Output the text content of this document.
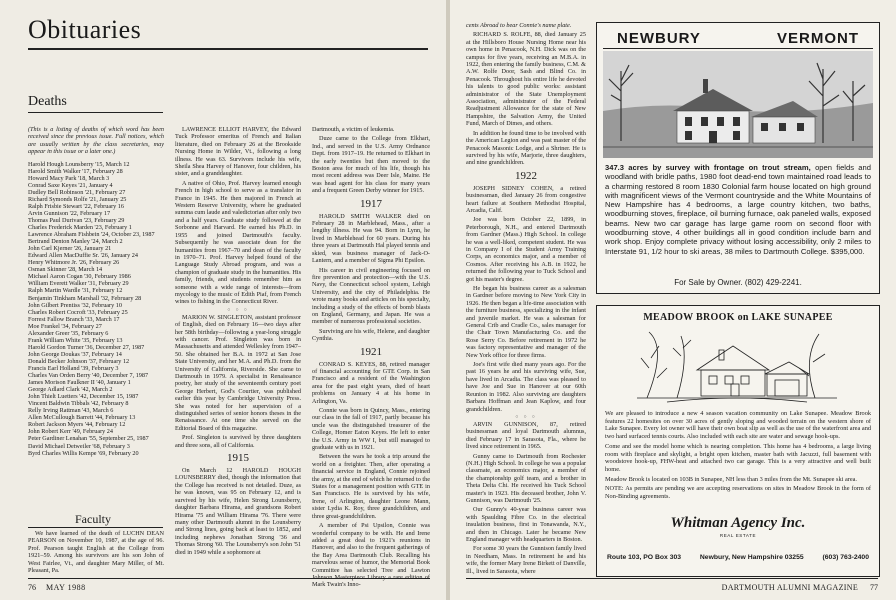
Obituaries
Deaths
(This is a listing of deaths of which word has been received since the previous issue. Full notices, which are usually written by the class secretaries, may appear in this issue or a later one.)
Harold Hough Lounsberry '15, March 12
Harold Smith Walker '17, February 28
Howard Macy Park '18, March 3
Conrad Saxe Keyes '21, January 4
Dudley Bell Robinson '21, February 27
Richard Symonds Rolfe '21, January 25
Ralph Frisbie Stewart '22, February 16
Arvin Gunnison '22, February 17
Thomas Paul Durivan '23, February 29
Charles Frederick Marden '23, February 1
Lawrence Abraham Fishbein '24, October 23, 1987
Bertrand Denton Manley '24, March 2
John Carl Kjerner '26, January 21
Edward Allen MacDuffie Sr. '26, January 24
Henry Whitmore Jr. '26, February 26
Osman Skinner '28, March 14
Michael Aaron Cogan '30, February 1986
William Everett Walker '31, February 29
Ralph Martin Wardle '31, February 12
Benjamin Tinkham Marshall '32, February 28
John Gilbert Prentiss '32, February 10
Charles Robert Cocroft '33, February 25
Forrest Fallow Branch '33, March 17
Moe Frankel '34, February 27
Alexander Greer '35, February 6
Frank William White '35, February 13
Harold Gordon Turner '36, December 27, 1987
John George Doukas '37, February 14
Donald Becker Johnson '37, February 12
Francis Earl Holland '39, February 3
Charles Van Orden Berry '40, December 7, 1987
James Morison Faulkner II '40, January 1
George Adlard Clark '42, March 2
John Thielt Luetters '42, December 15, 1987
Vincent Baldwin Tibbals '42, February 8
Relly Irving Rattman '43, March 6
Allen McCullough Barrett '44, February 13
Robert Jackson Myers '44, February 12
John Robert Kerr '49, February 24
Peter Gardiner Lenahan '55, September 25, 1987
David Michael Detweiler '68, February 3
Byrd Charles Willis Kempe '69, February 20
Faculty

We have learned of the death of LUCHN DEAN PEARSON on November 10, 1987, at the age of 96. Prof. Pearson taught English at the College from 1921–59. Among his survivors are his son John of West Fairlee, Vt., and daughter Mary Miller, of Mt. Pleasant, Pa.

LAWRENCE ELLIOT HARVEY, the Edward Tuck Professor emeritus of French and Italian literature, died on February 26 at the Brookside Nursing Home in Wilder, Vt., following a long illness. He was 63. Survivors include his wife, Sheila Shea Harvey of Hanover, four children, his sister, and a granddaughter.

A native of Ohio, Prof. Harvey learned enough French in high school to serve as a translator in France in 1945. He then majored in French at Western Reserve University, where he graduated summa cum laude and valedictorian after only two and a half years. Graduate study followed at the Sorbonne and Harvard. He earned his Ph.D. in 1955 and joined Dartmouth's faculty. Subsequently he was associate dean for the humanities from 1967–70 and dean of the faculty in 1970–71. Prof. Harvey helped found of the Language Study Abroad program, and was a champion of graduate study in the humanities. His family, friends, and students remember him as someone with a wide range of interests—from mycology to the music of Edith Piaf, from French wines to fishing in the Connecticut River.

○ ○ ○

MARION W. SINGLETON, assistant professor of English, died on February 16—two days after her 58th birthday—following a year-long struggle with cancer. Prof. Singleton was born in Massachusetts and attended Wellesley from 1947–50. She obtained her B.A. in 1972 at San Jose State University, and her M.A. and Ph.D. from the University of California, Riverside. She came to Dartmouth in 1979. A specialist in Renaissance poetry, her study of the seventeenth century poet George Herbert, God's Courtier, was published earlier this year by Cambridge University Press. She was noted for her supervision of a distinguished series of senior honors theses in the Renaissance. At one time she served on the Editorial Board of this magazine.

Prof. Singleton is survived by three daughters and three sons, all of California.

1915

On March 12 HAROLD HOUGH LOUNSBERRY died, though the information that the College has received is not detailed. Duze, as he was known, was 95 on February 12, and is survived by his wife, Helen Strong Lounsberry, daughter Barbara Hirama, and grandsons Robert Hirama '75 and William Hirama '76. There were many other Dartmouth alumni in the Lounsberry and Strong lines, going back at least to 1852, and including nephews Jonathan Strong '36 and Thomas Strong '60. The Lounsberry's son John '51 died in 1949 while a sophomore at

Dartmouth, a victim of leukemia.

Duze came to the College from Elkhart, Ind., and served in the U.S. Army Ordnance Dept. from 1917–19. He returned to Elkhart in the early twenties but then moved to the Boston area for much of his life, though his most recent address was Deer Isle, Maine. He was head agent for his class for many years and a frequent Green Derby winner for 1915.

1917

HAROLD SMITH WALKER died on February 28 in Marblehead, Mass., after a lengthy illness. He was 94. Born in Lynn, he lived in Marblehead for 60 years. During his three years at Dartmouth Hal played tennis and skied, was business manager of Jack-O-Lantern, and a member of Sigma Phi Epsilon.

His career in civil engineering focused on fire prevention and protection—with the U.S. Navy, the Connecticut school system, Lehigh University, and the city of Philadelphia. He wrote many books and articles on his specialty, including a study of the effects of bomb blasts on England, Germany, and Japan. He was a member of numerous professional societies.

Surviving are his wife, Helene, and daughter Cynthia.

1921

CONRAD S. KEYES, 88, retired manager of financial accounting for GTE Corp. in San Francisco and a resident of the Washington area for the past eight years, died of heart problems on January 4 at his home in Arlington, Va.

Connie was born in Quincy, Mass., entering our class in the fall of 1917, partly because his uncle was the distinguished treasurer of the College, Homer Eaton Keyes. He left to enter the U.S. Army in WW I, but still managed to graduate with us in 1921.

Between the wars he took a trip around the world on a freighter. Then, after operating a financial service in England, Connie rejoined the army, at the end of which he returned to the States for a management position with GTE in San Francisco. He is survived by his wife, Irene, of Arlington, daughter Leone Mann, sister Lydia K. Roy, three grandchildren, and three great-grandchildren.

A member of Psi Upsilon, Connie was wonderful company to be with. He and Irene added a great deal to 1921's reunions in Hanover, and also to the frequent gatherings of the Bay Area Dartmouth Club. Recalling his marvelous sense of humor, the Memorial Book Committee has selected Tree and Lawton Mark Twain's Inno-

76 MAY 1988

cents Abroad to bear Connie's name plate.

RICHARD S. ROLFE, 88, died January 25 at the Hillsboro House Nursing Home near his own home in Penacook, N.H. Dick was on the campus for five years, receiving an M.B.A. in 1922, then entering the family business, C.M. & A.W. Rolfe Door, Sash and Blind Co. in Penacook. Throughout his entire life he devoted his talents to good public works: assistant administrator of the State Unemployment Association, administrator of the Federal Readjustment Allowance for the state of New Hampshire, the Salvation Army, the United Fund, March of Dimes, and others.

In addition he found time to be involved with the American Legion and was past master of the Penacook Masonic Lodge, and a Shriner. He is survived by his wife, Marjorie, three daughters, and nine grandchildren.

1922

JOSEPH SIDNEY COHEN, a retired businessman, died January 26 from congestive heart failure at Southern Methodist Hospital, Arcadia, Calif.

Joe was born October 22, 1899, in Peterborough, N.H., and entered Dartmouth from Gardner (Mass.) High School. In college he was a well-liked, competent student. He was in Company I of the Student Army Training Corps, an economics major, and a member of Cosmos. After receiving his A.B. in 1922, he returned the following year to Tuck School and got his master's degree.

He began his business career as a salesman in Gardner before moving to New York City in 1926. He then began a life-time association with the furniture business, specializing in the infant and juvenile market. He was a salesman for General Crib and Cradle Co., sales manager for the Chair Town Manufacturing Co. and the Rose Serry Co. Before retirement in 1972 he was factory representative and manager of the New York office for three firms.

Joe's first wife died many years ago. For the past 16 years he and his surviving wife, Sue, have lived in Arcadia. The class was pleased to have Joe and Sue in Hanover at our 60th Reunion in 1982. Also surviving are daughters Barbara Hoffman and Jean Kaplow, and four grandchildren.

○ ○ ○

ARVIN GUNNISON, 87, retired businessman and loyal Dartmouth alumnus, died February 17 in Sarasota, Fla., where he lived since retirement in 1965.

Gunny came to Dartmouth from Rochester (N.H.) High School. In college he was a popular classmate, an economics major, a member of the championship golf team, and a brother in Theta Delta Chi. He received his Tuck School master's in 1923. His deceased brother, John V. Gunnison, was Dartmouth '25.

Our Gunny's 40-year business career was with Spaulding Fibre Co. in the electrical insulation business, first in Tonawanda, N.Y., and then in Chicago. Later he became New England manager with headquarters in Boston.

For some 30 years the Gunnison family lived in Needham, Mass. In retirement he and his wife, the former Mary Irene Birkett of Danville, Ill., lived in Sarasota, where

NEWBURY	VERMONT
347.3 acres by survey with frontage on trout stream, open fields and woodland with bridle paths, 1980 foot dead-end town maintained road leads to a charming restored 8 room 1830 Colonial farm house located on high ground with magnificent views of the Vermont countryside and the White Mountains of New Hampshire has 4 bedrooms, a large country kitchen, two baths, woodburning stoves, fireplace, oil burning furnace, oak paneled walls, exposed beams. New two car garage has large game room on second floor with woodburning stove, 4 other buildings all in good condition include barn and work shop. Enjoy complete privacy without losing accessibility, only 2 miles to Interstate 91, 1/2 hour to ski areas, 38 miles to Dartmouth College. $395,000.
For Sale by Owner. (802) 429-2241.
MEADOW BROOK on LAKE SUNAPEE

We are pleased to introduce a new 4 season vacation community on Lake Sunapee. Meadow Brook features 22 homesites on over 30 acres of gently sloping and wooded terrain on the western shore of Lake Sunapee. Every lot owner will have their own boat slip as well as the use of the waterfront area and two hard surfaced tennis courts. Also included with each site are water and sewage hook-ups.

Come and see the model home which is nearing completion. This home has 4 bedrooms, a large living room with fireplace and skylight, a bright open kitchen, master bath with Jacuzzi, full basement with woodstove hook-up, FHW-heat and attached two car garage. This is a very attractive and well built home.

Meadow Brook is located on 103B in Sunapee, NH less than 3 miles from the Mt. Sunapee ski area.

NOTE: As permits are pending we are accepting reservations on sites in Meadow Brook in the form of Non-Binding agreements.

Whitman Agency Inc.
REAL ESTATE
Route 103, PO Box 303	Newbury, New Hampshire 03255	(603) 763-2400
DARTMOUTH ALUMNI MAGAZINE 77
